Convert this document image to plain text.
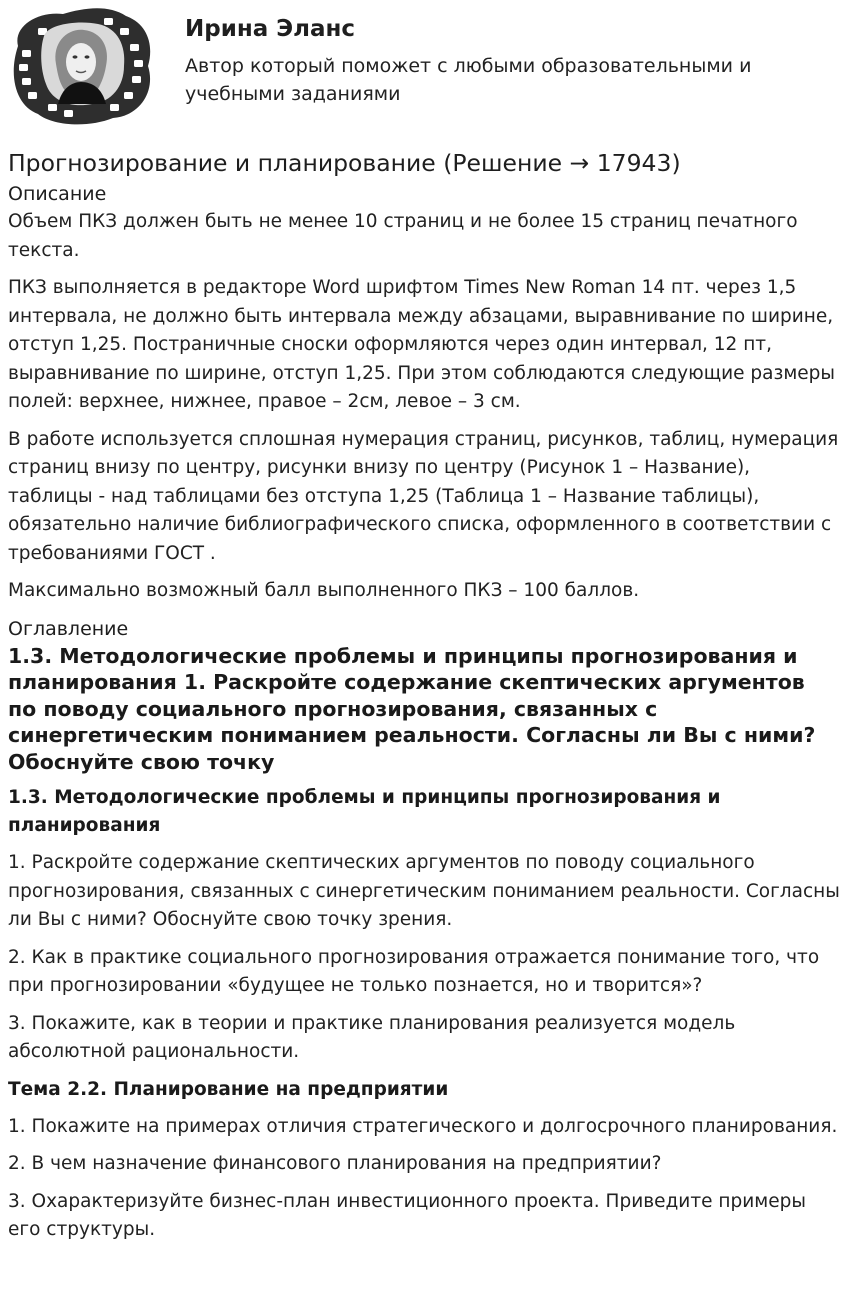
Ирина Эланс
Автор который поможет с любыми образовательными и учебными заданиями
Прогнозирование и планирование (Решение → 17943)
Описание

Объем ПКЗ должен быть не менее 10 страниц и не более 15 страниц печатного текста.

ПКЗ выполняется в редакторе Word шрифтом Times New Roman 14 пт. через 1,5 интервала, не должно быть интервала между абзацами, выравнивание по ширине, отступ 1,25. Постраничные сноски оформляются через один интервал, 12 пт, выравнивание по ширине, отступ 1,25. При этом соблюдаются следующие размеры полей: верхнее, нижнее, правое – 2см, левое – 3 см.

В работе используется сплошная нумерация страниц, рисунков, таблиц, нумерация страниц внизу по центру, рисунки внизу по центру (Рисунок 1 – Название), таблицы - над таблицами без отступа 1,25 (Таблица 1 – Название таблицы), обязательно наличие библиографического списка, оформленного в соответствии с требованиями ГОСТ .

Максимально возможный балл выполненного ПКЗ – 100 баллов.

Оглавление
1.3. Методологические проблемы и принципы прогнозирования и планирования 1. Раскройте содержание скептических аргументов по поводу социального прогнозирования, связанных с синергетическим пониманием реальности. Согласны ли Вы с ними? Обоснуйте свою точку
1.3. Методологические проблемы и принципы прогнозирования и планирования

1. Раскройте содержание скептических аргументов по поводу социального прогнозирования, связанных с синергетическим пониманием реальности. Согласны ли Вы с ними? Обоснуйте свою точку зрения.

2. Как в практике социального прогнозирования отражается понимание того, что при прогнозировании «будущее не только познается, но и творится»?

3. Покажите, как в теории и практике планирования реализуется модель абсолютной рациональности.

Тема 2.2. Планирование на предприятии

1. Покажите на примерах отличия стратегического и долгосрочного планирования.

2. В чем назначение финансового планирования на предприятии?

3. Охарактеризуйте бизнес-план инвестиционного проекта. Приведите примеры его структуры.
